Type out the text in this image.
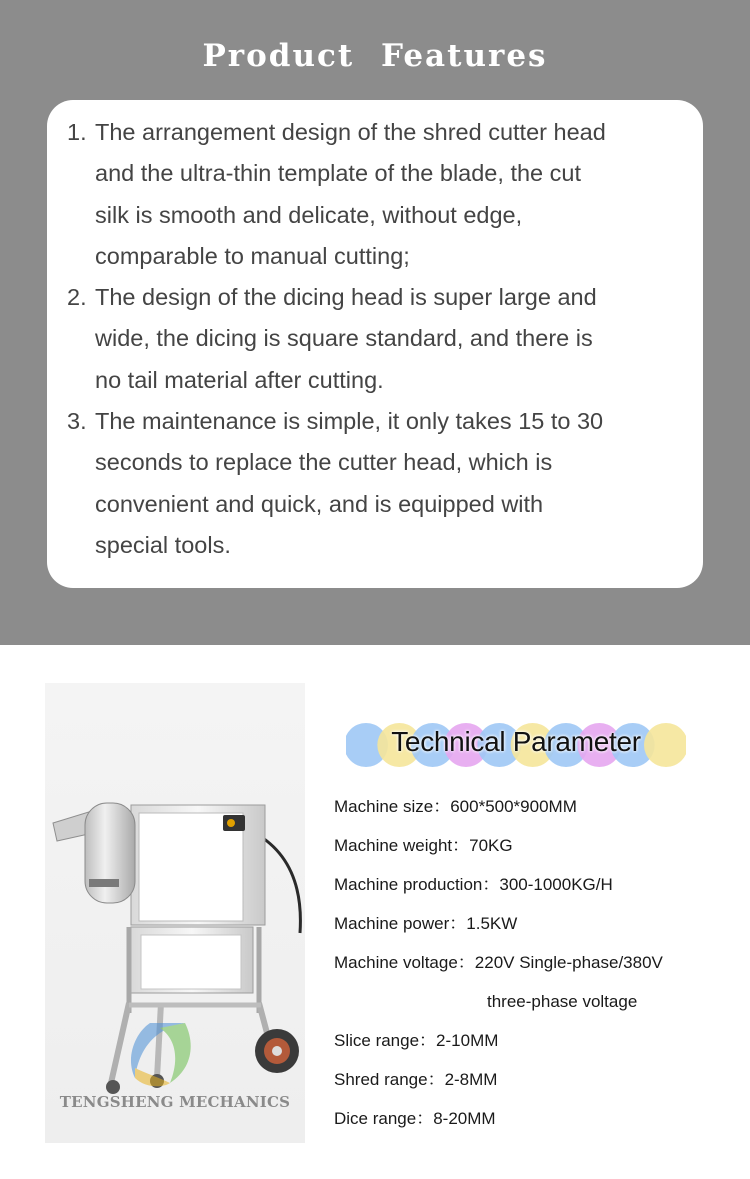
Product Features
1. The arrangement design of the shred cutter head
and the ultra-thin template of the blade, the cut
silk is smooth and delicate, without edge,
comparable to manual cutting;
2. The design of the dicing head is super large and
wide, the dicing is square standard, and there is
no tail material after cutting.
3. The maintenance is simple, it only takes 15 to 30
seconds to replace the cutter head, which is
convenient and quick, and is equipped with
special tools.
TENGSHENG MECHANICS
Technical Parameter
Machine size：600*500*900MM
Machine weight：70KG
Machine production：300-1000KG/H
Machine power：1.5KW
Machine voltage：220V Single-phase/380V
three-phase voltage
Slice range：2-10MM
Shred range：2-8MM
Dice range：8-20MM
